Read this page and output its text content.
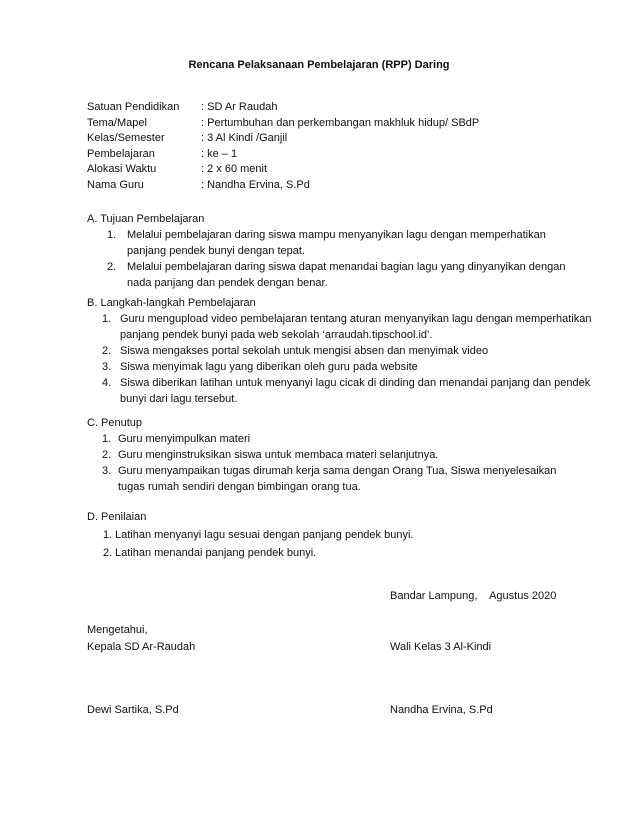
Rencana Pelaksanaan Pembelajaran (RPP) Daring
Satuan Pendidikan	: SD Ar Raudah
Tema/Mapel	: Pertumbuhan dan perkembangan makhluk hidup/ SBdP
Kelas/Semester	: 3 Al Kindi /Ganjil
Pembelajaran	: ke – 1
Alokasi Waktu	: 2 x 60 menit
Nama Guru	: Nandha Ervina, S.Pd
A. Tujuan Pembelajaran
1. Melalui pembelajaran daring siswa mampu menyanyikan lagu dengan memperhatikan panjang pendek bunyi dengan tepat.
2. Melalui pembelajaran daring siswa dapat menandai bagian lagu yang dinyanyikan dengan nada panjang dan pendek dengan benar.
B. Langkah-langkah Pembelajaran
1. Guru mengupload video pembelajaran tentang aturan menyanyikan lagu dengan memperhatikan panjang pendek bunyi pada web sekolah ‘arraudah.tipschool.id’.
2. Siswa mengakses portal sekolah untuk mengisi absen dan menyimak video
3. Siswa menyimak lagu yang diberikan oleh guru pada website
4. Siswa diberikan latihan untuk menyanyi lagu cicak di dinding dan menandai panjang dan pendek bunyi dari lagu tersebut.
C. Penutup
1. Guru menyimpulkan materi
2. Guru menginstruksikan siswa untuk membaca materi selanjutnya.
3. Guru menyampaikan tugas dirumah kerja sama dengan Orang Tua, Siswa menyelesaikan tugas rumah sendiri dengan bimbingan orang tua.
D. Penilaian
1. Latihan menyanyi lagu sesuai dengan panjang pendek bunyi.
2. Latihan menandai panjang pendek bunyi.
Bandar Lampung,    Agustus 2020
Mengetahui,
Kepala SD Ar-Raudah	Wali Kelas 3 Al-Kindi
Dewi Sartika, S.Pd	Nandha Ervina, S.Pd
